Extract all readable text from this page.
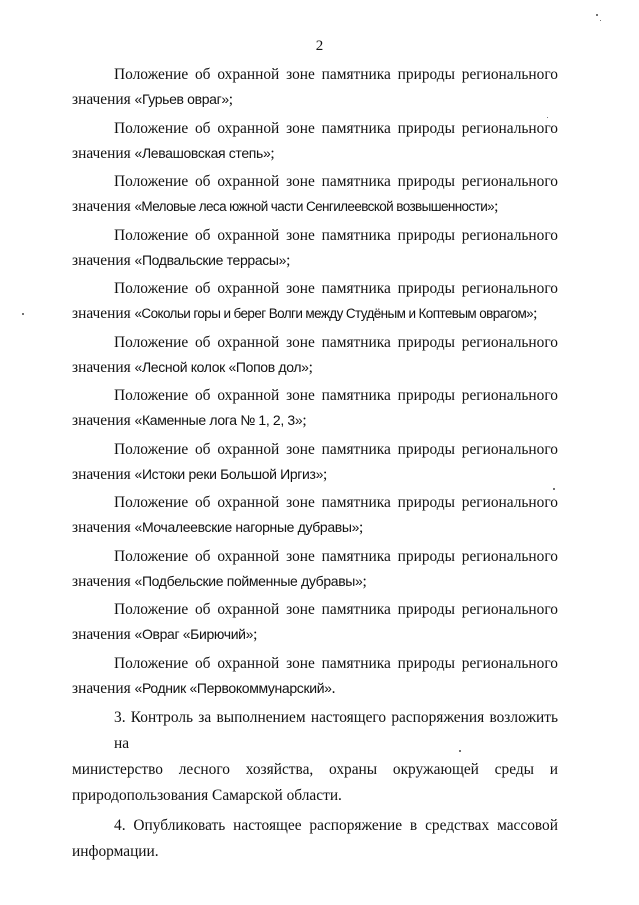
2
Положение об охранной зоне памятника природы регионального
значения «Гурьев овраг»;
Положение об охранной зоне памятника природы регионального
значения «Левашовская степь»;
Положение об охранной зоне памятника природы регионального
значения «Меловые леса южной части Сенгилеевской возвышенности»;
Положение об охранной зоне памятника природы регионального
значения «Подвальские террасы»;
Положение об охранной зоне памятника природы регионального
значения «Сокольи горы и берег Волги между Студёным и Коптевым оврагом»;
Положение об охранной зоне памятника природы регионального
значения «Лесной колок «Попов дол»;
Положение об охранной зоне памятника природы регионального
значения «Каменные лога № 1, 2, 3»;
Положение об охранной зоне памятника природы регионального
значения «Истоки реки Большой Иргиз»;
Положение об охранной зоне памятника природы регионального
значения «Мочалеевские нагорные дубравы»;
Положение об охранной зоне памятника природы регионального
значения «Подбельские пойменные дубравы»;
Положение об охранной зоне памятника природы регионального
значения «Овраг «Бирючий»;
Положение об охранной зоне памятника природы регионального
значения «Родник «Первокоммунарский».
3. Контроль за выполнением настоящего распоряжения возложить на
министерство лесного хозяйства, охраны окружающей среды и
природопользования Самарской области.
4. Опубликовать настоящее распоряжение в средствах массовой
информации.
